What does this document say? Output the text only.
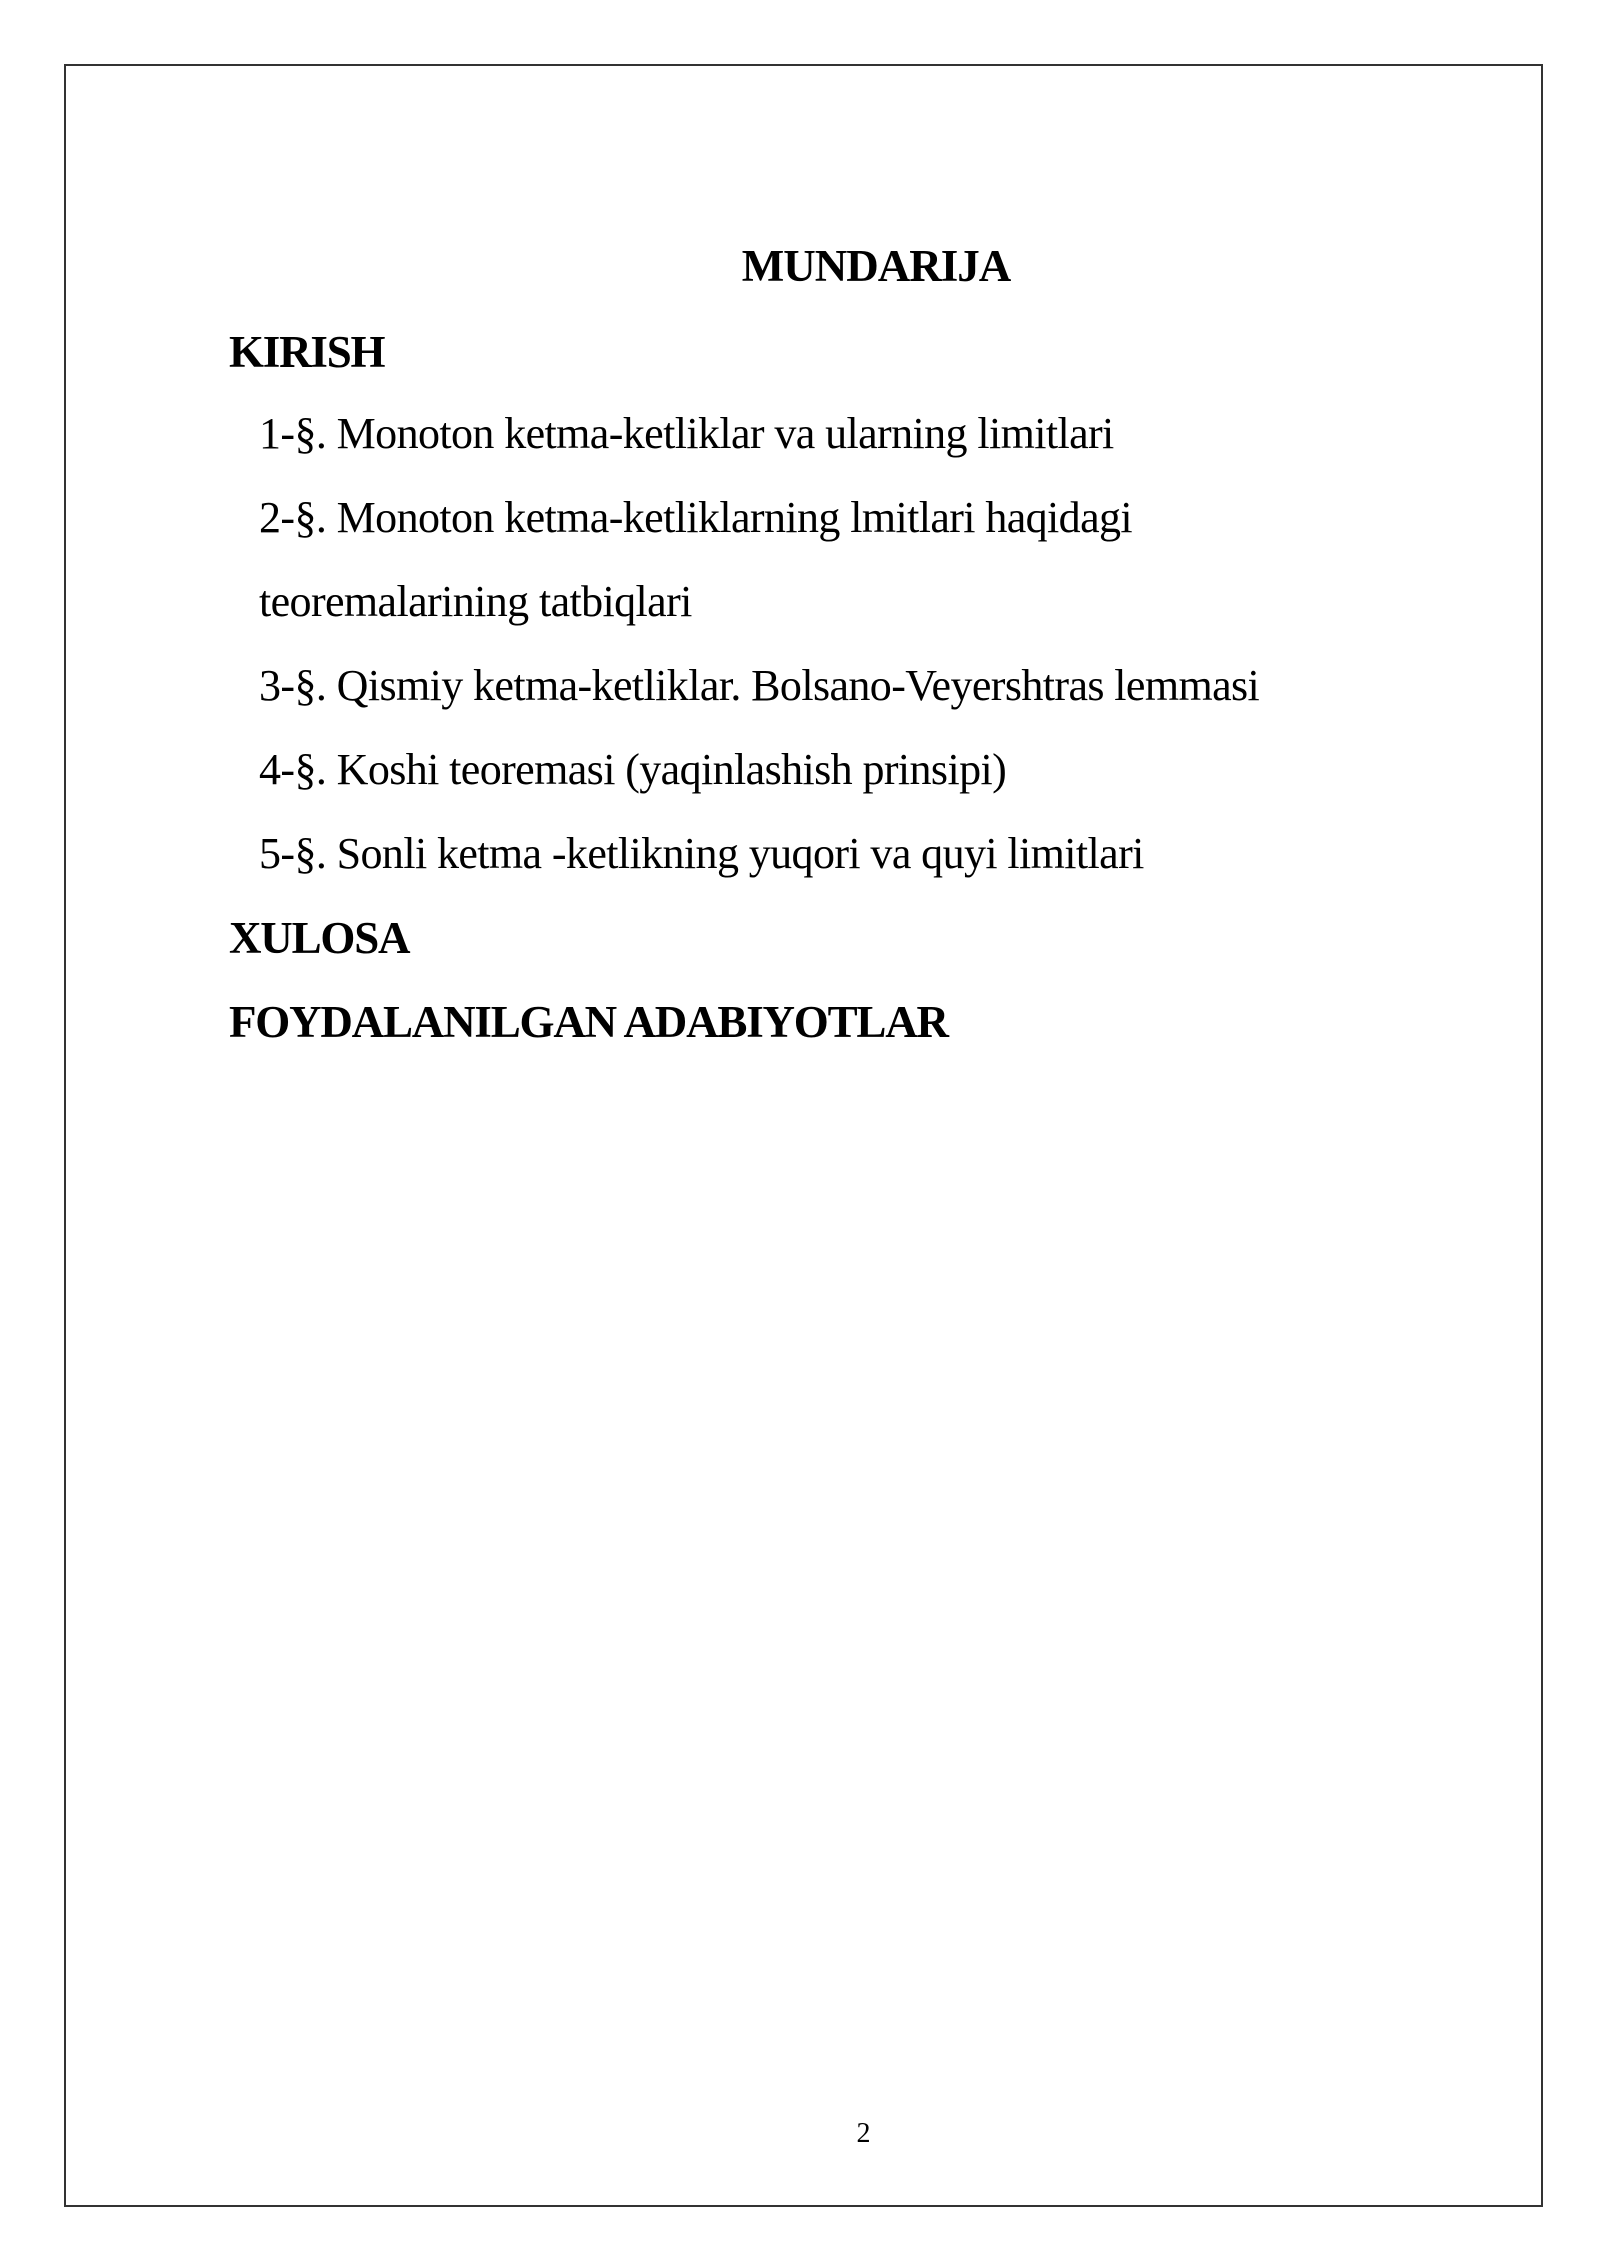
MUNDARIJA
KIRISH
1-§. Monoton ketma-ketliklar va ularning limitlari
2-§. Monoton ketma-ketliklarning lmitlari haqidagi
teoremalarining tatbiqlari
3-§. Qismiy ketma-ketliklar. Bolsano-Veyershtras lemmasi
4-§. Koshi teoremasi (yaqinlashish prinsipi)
5-§. Sonli ketma -ketlikning yuqori va quyi limitlari
XULOSA
FOYDALANILGAN ADABIYOTLAR
2
